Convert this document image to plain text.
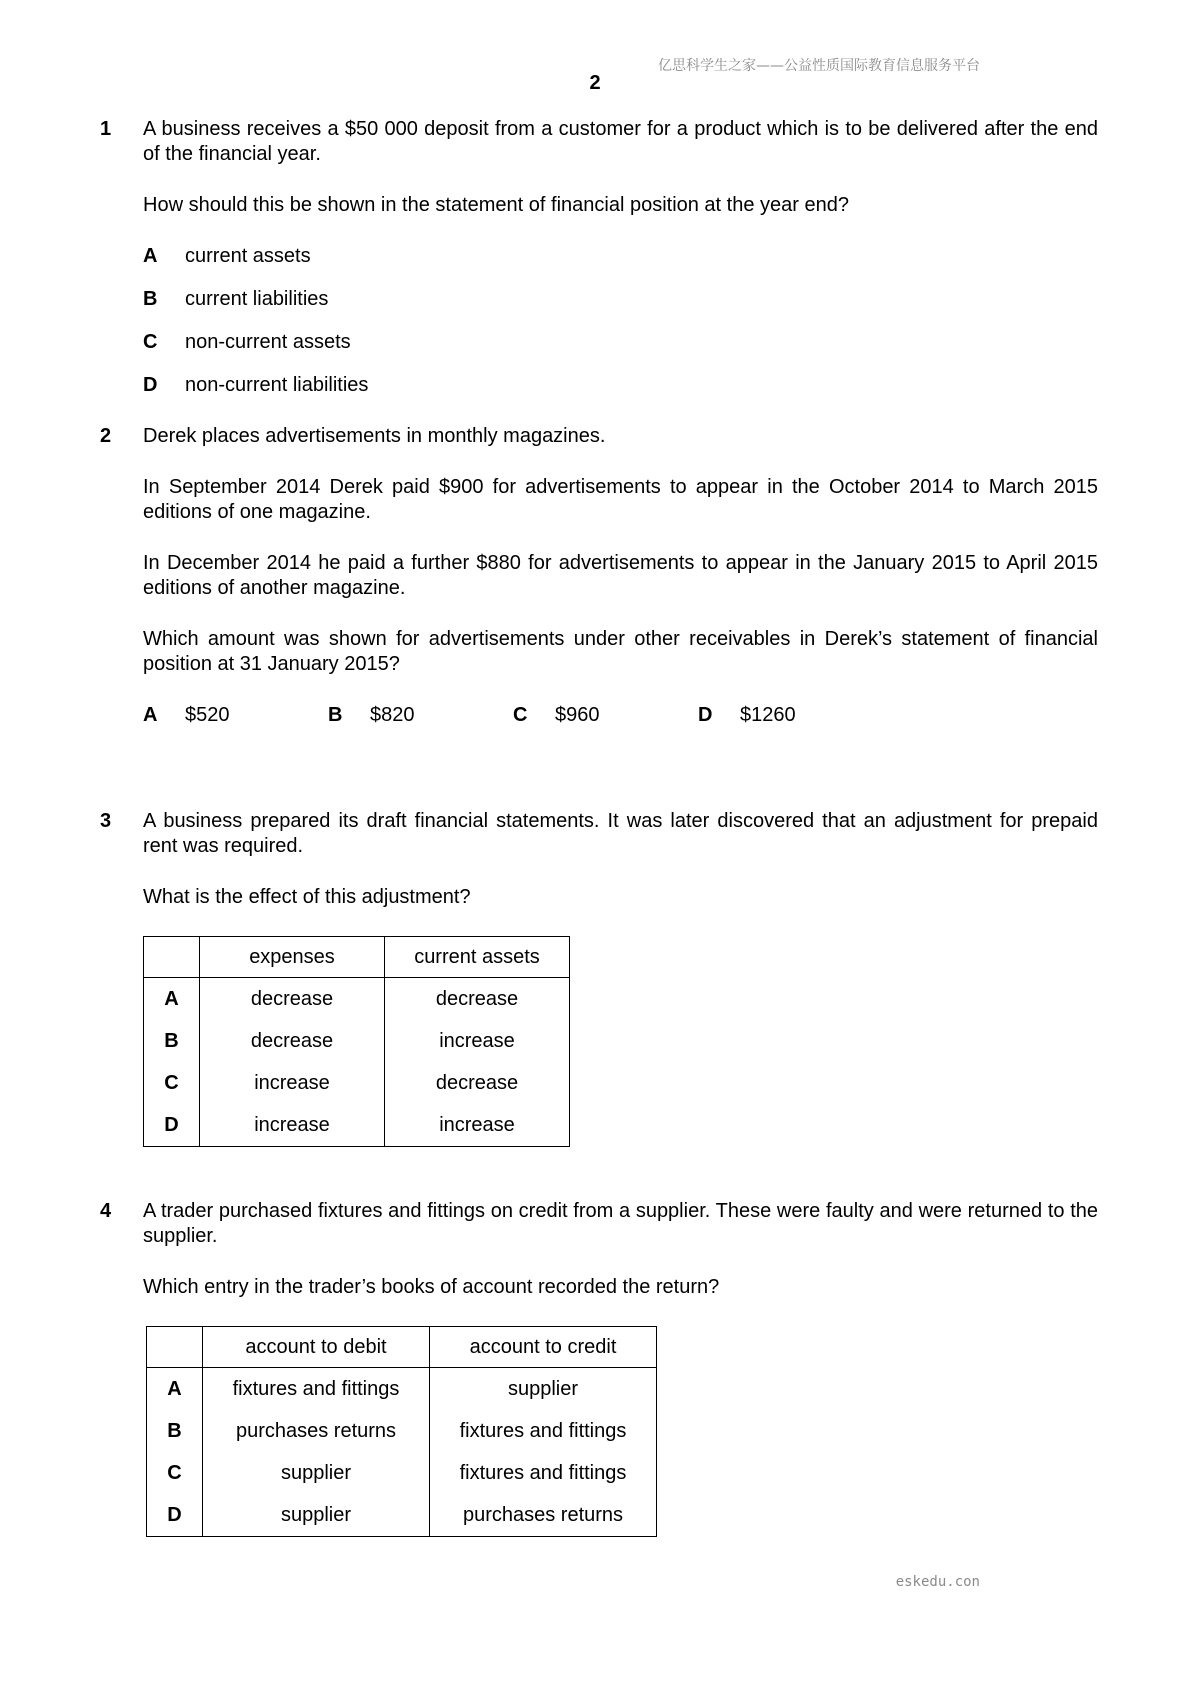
亿思科学生之家——公益性质国际教育信息服务平台
2
1	A business receives a $50 000 deposit from a customer for a product which is to be delivered after the end of the financial year.

How should this be shown in the statement of financial position at the year end?

A current assets
B current liabilities
C non-current assets
D non-current liabilities
2	Derek places advertisements in monthly magazines.

In September 2014 Derek paid $900 for advertisements to appear in the October 2014 to March 2015 editions of one magazine.

In December 2014 he paid a further $880 for advertisements to appear in the January 2015 to April 2015 editions of another magazine.

Which amount was shown for advertisements under other receivables in Derek’s statement of financial position at 31 January 2015?

A $520	B $820	C $960	D $1260
3	A business prepared its draft financial statements. It was later discovered that an adjustment for prepaid rent was required.

What is the effect of this adjustment?

	expenses	current assets
A	decrease	decrease
B	decrease	increase
C	increase	decrease
D	increase	increase
4	A trader purchased fixtures and fittings on credit from a supplier. These were faulty and were returned to the supplier.

Which entry in the trader’s books of account recorded the return?

	account to debit	account to credit
A	fixtures and fittings	supplier
B	purchases returns	fixtures and fittings
C	supplier	fixtures and fittings
D	supplier	purchases returns
eskedu.con
